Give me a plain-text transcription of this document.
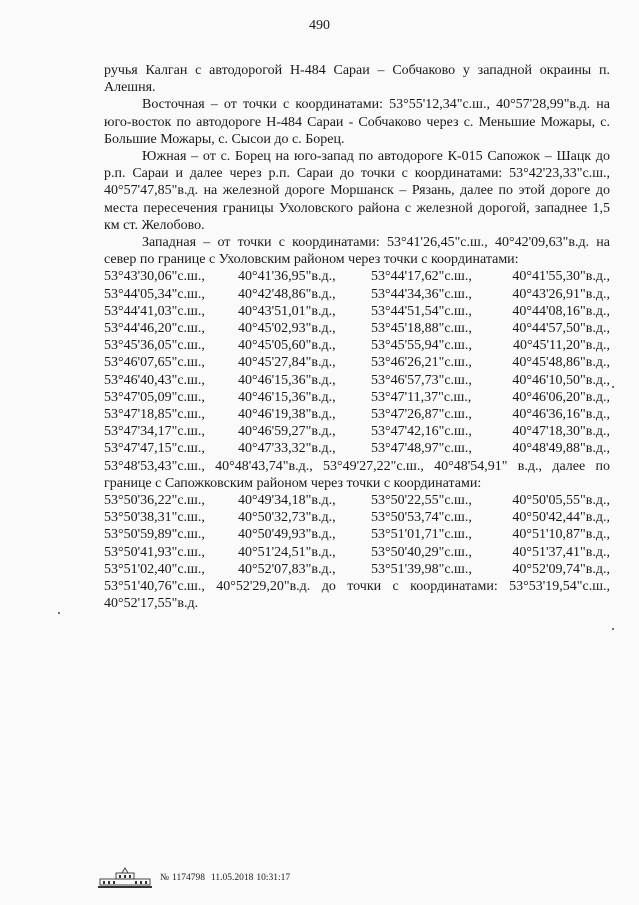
490

ручья Калган с автодорогой Н-484 Сараи – Собчаково у западной окраины п. Алешня.

Восточная – от точки с координатами: 53°55'12,34"с.ш., 40°57'28,99"в.д. на юго-восток по автодороге Н-484 Сараи - Собчаково через с. Меньшие Можары, с. Большие Можары, с. Сысои до с. Борец.

Южная – от с. Борец на юго-запад по автодороге К-015 Сапожок – Шацк до р.п. Сараи и далее через р.п. Сараи до точки с координатами: 53°42'23,33"с.ш., 40°57'47,85"в.д. на железной дороге Моршанск – Рязань, далее по этой дороге до места пересечения границы Ухоловского района с железной дорогой, западнее 1,5 км ст. Желобово.

Западная – от точки с координатами: 53°41'26,45"с.ш., 40°42'09,63"в.д. на север по границе с Ухоловским районом через точки с координатами:

53°43'30,06"с.ш.,	40°41'36,95"в.д.,	53°44'17,62"с.ш.,	40°41'55,30"в.д.,
53°44'05,34"с.ш.,	40°42'48,86"в.д.,	53°44'34,36"с.ш.,	40°43'26,91"в.д.,
53°44'41,03"с.ш.,	40°43'51,01"в.д.,	53°44'51,54"с.ш.,	40°44'08,16"в.д.,
53°44'46,20"с.ш.,	40°45'02,93"в.д.,	53°45'18,88"с.ш.,	40°44'57,50"в.д.,
53°45'36,05"с.ш.,	40°45'05,60"в.д.,	53°45'55,94"с.ш.,	40°45'11,20"в.д.,
53°46'07,65"с.ш.,	40°45'27,84"в.д.,	53°46'26,21"с.ш.,	40°45'48,86"в.д.,
53°46'40,43"с.ш.,	40°46'15,36"в.д.,	53°46'57,73"с.ш.,	40°46'10,50"в.д.,
53°47'05,09"с.ш.,	40°46'15,36"в.д.,	53°47'11,37"с.ш.,	40°46'06,20"в.д.,
53°47'18,85"с.ш.,	40°46'19,38"в.д.,	53°47'26,87"с.ш.,	40°46'36,16"в.д.,
53°47'34,17"с.ш.,	40°46'59,27"в.д.,	53°47'42,16"с.ш.,	40°47'18,30"в.д.,
53°47'47,15"с.ш.,	40°47'33,32"в.д.,	53°47'48,97"с.ш.,	40°48'49,88"в.д.,

53°48'53,43"с.ш., 40°48'43,74"в.д., 53°49'27,22"с.ш., 40°48'54,91" в.д., далее по границе с Сапожковским районом через точки с координатами:

53°50'36,22"с.ш.,	40°49'34,18"в.д.,	53°50'22,55"с.ш.,	40°50'05,55"в.д.,
53°50'38,31"с.ш.,	40°50'32,73"в.д.,	53°50'53,74"с.ш.,	40°50'42,44"в.д.,
53°50'59,89"с.ш.,	40°50'49,93"в.д.,	53°51'01,71"с.ш.,	40°51'10,87"в.д.,
53°50'41,93"с.ш.,	40°51'24,51"в.д.,	53°50'40,29"с.ш.,	40°51'37,41"в.д.,
53°51'02,40"с.ш.,	40°52'07,83"в.д.,	53°51'39,98"с.ш.,	40°52'09,74"в.д.,

53°51'40,76"с.ш., 40°52'29,20"в.д. до точки с координатами: 53°53'19,54"с.ш., 40°52'17,55"в.д.

№ 1174798 11.05.2018 10:31:17
